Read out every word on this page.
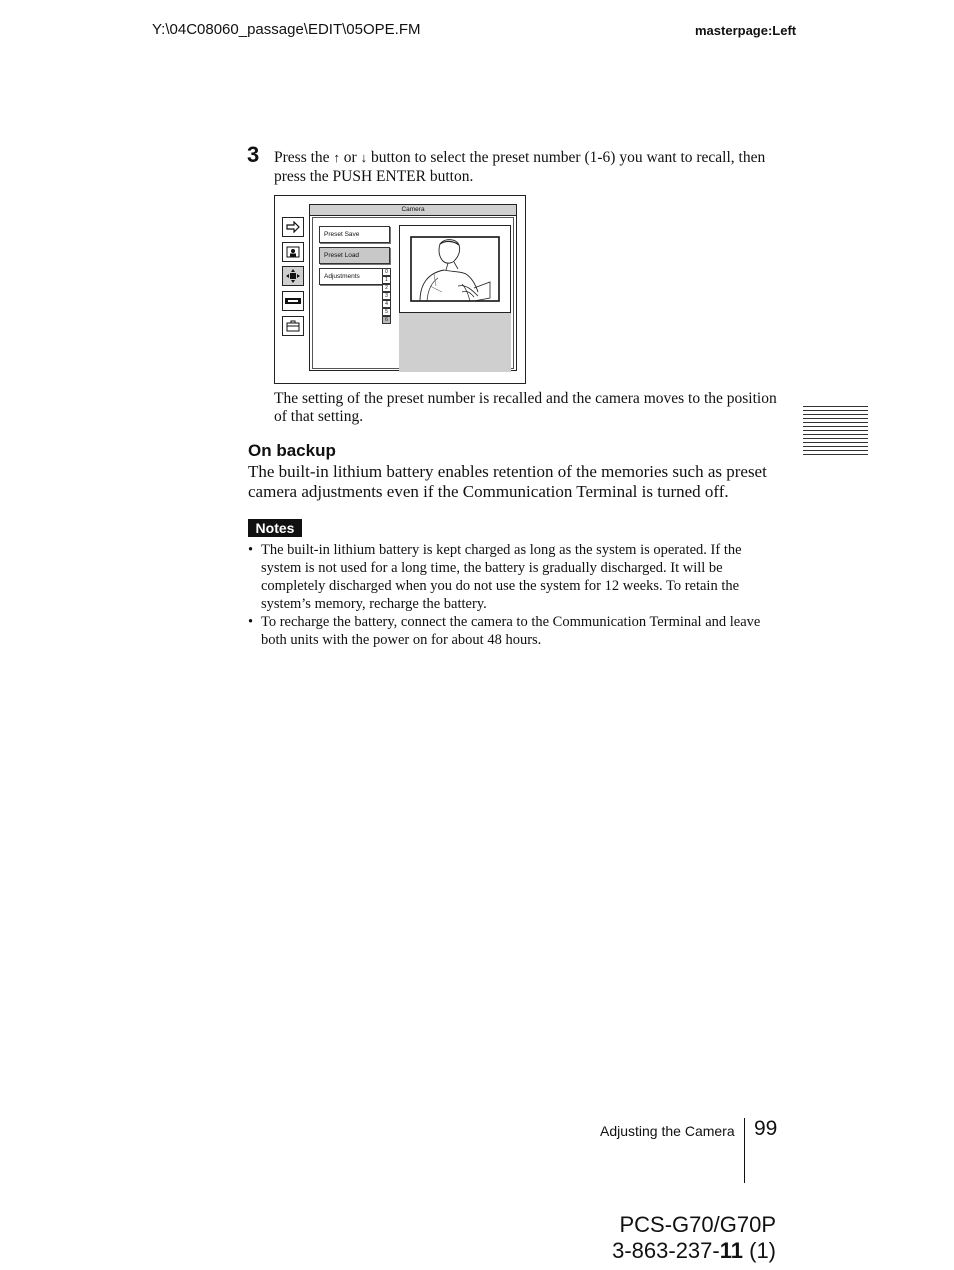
Y:\04C08060_passage\EDIT\05OPE.FM	masterpage:Left
3 Press the ↑ or ↓ button to select the preset number (1-6) you want to recall, then press the PUSH ENTER button.
Camera
Preset Save
Preset Load
Adjustments
0
1
2
3
4
5
6
The setting of the preset number is recalled and the camera moves to the position of that setting.
On backup
The built-in lithium battery enables retention of the memories such as preset camera adjustments even if the Communication Terminal is turned off.
Notes
• The built-in lithium battery is kept charged as long as the system is operated. If the system is not used for a long time, the battery is gradually discharged. It will be completely discharged when you do not use the system for 12 weeks. To retain the system’s memory, recharge the battery.
• To recharge the battery, connect the camera to the Communication Terminal and leave both units with the power on for about 48 hours.
Adjusting the Camera 99
PCS-G70/G70P
3-863-237-11 (1)
